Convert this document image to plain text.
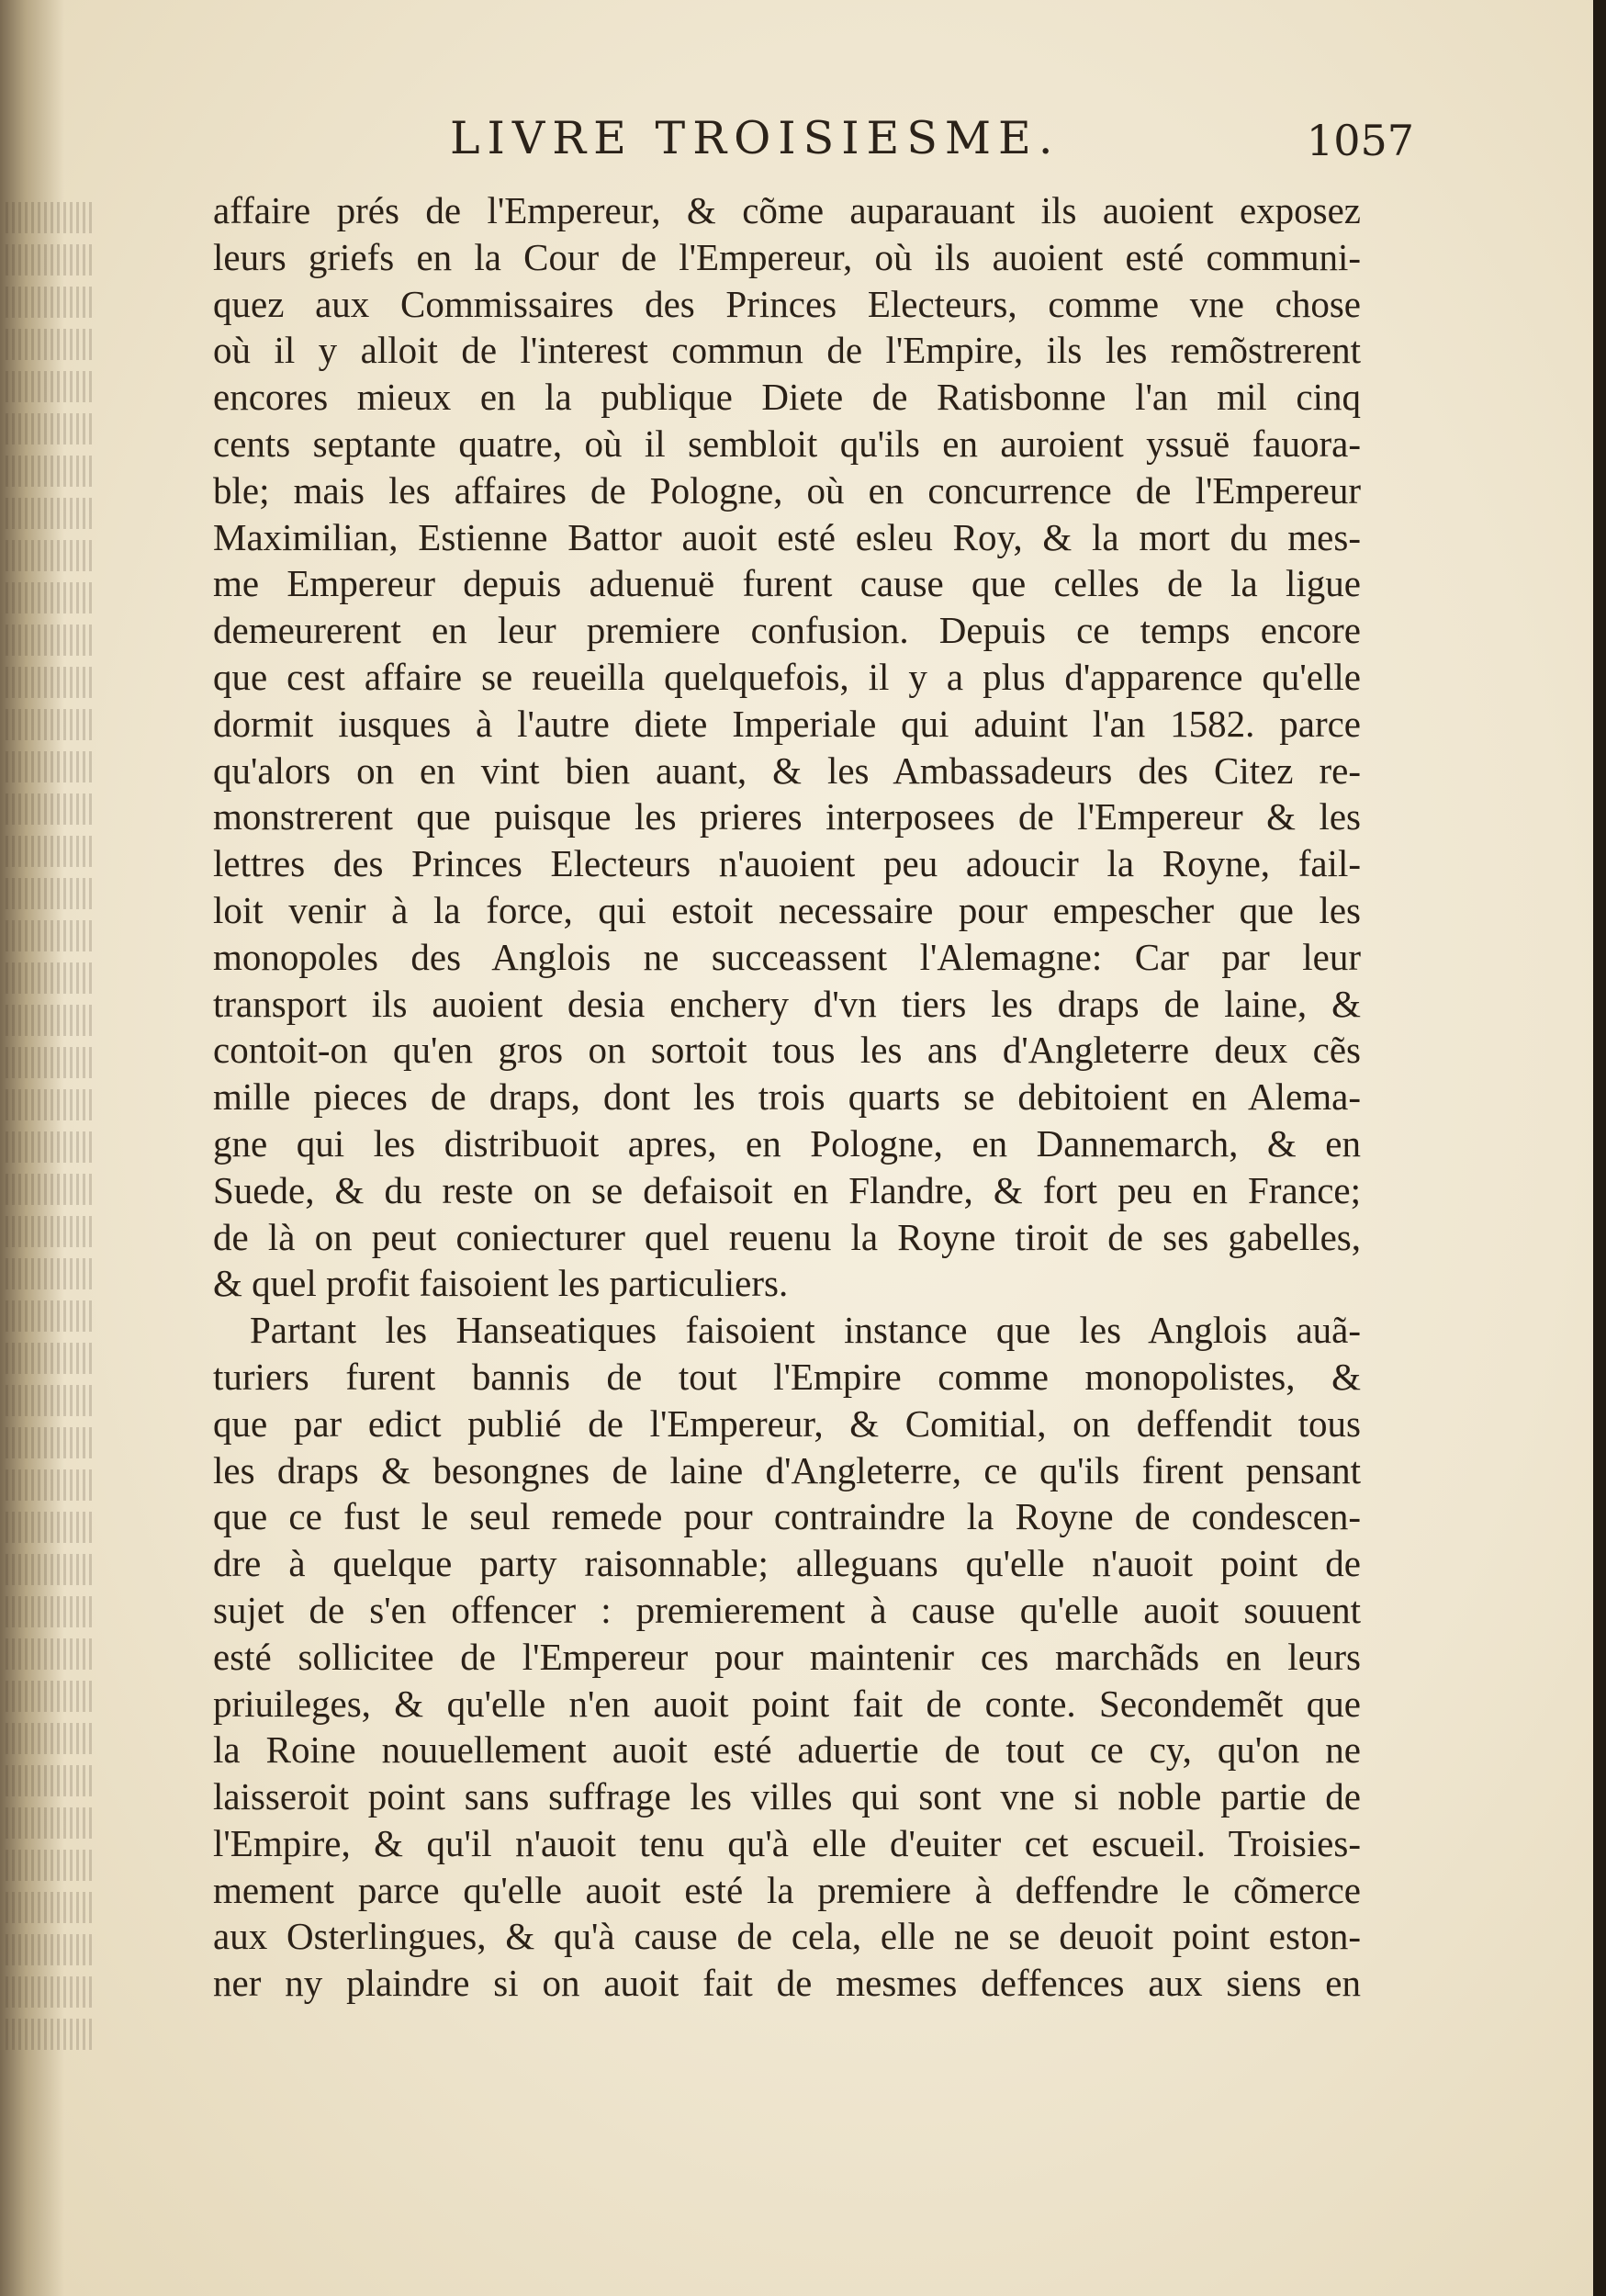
LIVRE TROISIESME.	1057
affaire prés de l'Empereur, & cõme auparauant ils auoient exposez
leurs griefs en la Cour de l'Empereur, où ils auoient esté communi-
quez aux Commissaires des Princes Electeurs, comme vne chose
où il y alloit de l'interest commun de l'Empire, ils les remõstrerent
encores mieux en la publique Diete de Ratisbonne l'an mil cinq
cents septante quatre, où il sembloit qu'ils en auroient yssuë fauora-
ble; mais les affaires de Pologne, où en concurrence de l'Empereur
Maximilian, Estienne Battor auoit esté esleu Roy, & la mort du mes-
me Empereur depuis aduenuë furent cause que celles de la ligue
demeurerent en leur premiere confusion. Depuis ce temps encore
que cest affaire se reueilla quelquefois, il y a plus d'apparence qu'elle
dormit iusques à l'autre diete Imperiale qui aduint l'an 1582. parce
qu'alors on en vint bien auant, & les Ambassadeurs des Citez re-
monstrerent que puisque les prieres interposees de l'Empereur & les
lettres des Princes Electeurs n'auoient peu adoucir la Royne, fail-
loit venir à la force, qui estoit necessaire pour empescher que les
monopoles des Anglois ne succeassent l'Alemagne: Car par leur
transport ils auoient desia enchery d'vn tiers les draps de laine, &
contoit-on qu'en gros on sortoit tous les ans d'Angleterre deux cẽs
mille pieces de draps, dont les trois quarts se debitoient en Alema-
gne qui les distribuoit apres, en Pologne, en Dannemarch, & en
Suede, & du reste on se defaisoit en Flandre, & fort peu en France;
de là on peut coniecturer quel reuenu la Royne tiroit de ses gabelles,
& quel profit faisoient les particuliers.
Partant les Hanseatiques faisoient instance que les Anglois auã-
turiers furent bannis de tout l'Empire comme monopolistes, &
que par edict publié de l'Empereur, & Comitial, on deffendit tous
les draps & besongnes de laine d'Angleterre, ce qu'ils firent pensant
que ce fust le seul remede pour contraindre la Royne de condescen-
dre à quelque party raisonnable; alleguans qu'elle n'auoit point de
sujet de s'en offencer : premierement à cause qu'elle auoit souuent
esté sollicitee de l'Empereur pour maintenir ces marchãds en leurs
priuileges, & qu'elle n'en auoit point fait de conte. Secondemẽt que
la Roine nouuellement auoit esté aduertie de tout ce cy, qu'on ne
laisseroit point sans suffrage les villes qui sont vne si noble partie de
l'Empire, & qu'il n'auoit tenu qu'à elle d'euiter cet escueil. Troisies-
mement parce qu'elle auoit esté la premiere à deffendre le cõmerce
aux Osterlingues, & qu'à cause de cela, elle ne se deuoit point eston-
ner ny plaindre si on auoit fait de mesmes deffences aux siens en
